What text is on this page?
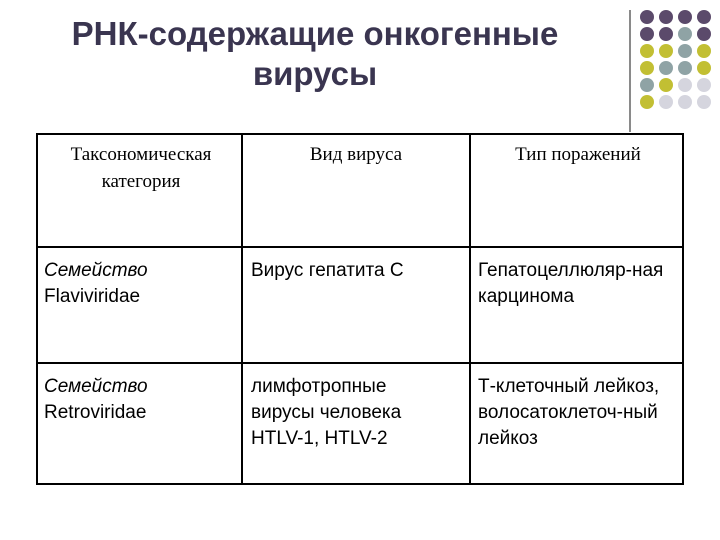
РНК-содержащие онкогенные
вирусы
Таксономическая категория
Вид вируса	Тип поражений
Семейство
Flaviviridae
Вирус гепатита С	Гепатоцеллюляр-ная карцинома
Семейство
Retroviridae
лимфотропные вирусы человека HTLV-1, HTLV-2
Т-клеточный лейкоз, волосатоклеточ-ный лейкоз
